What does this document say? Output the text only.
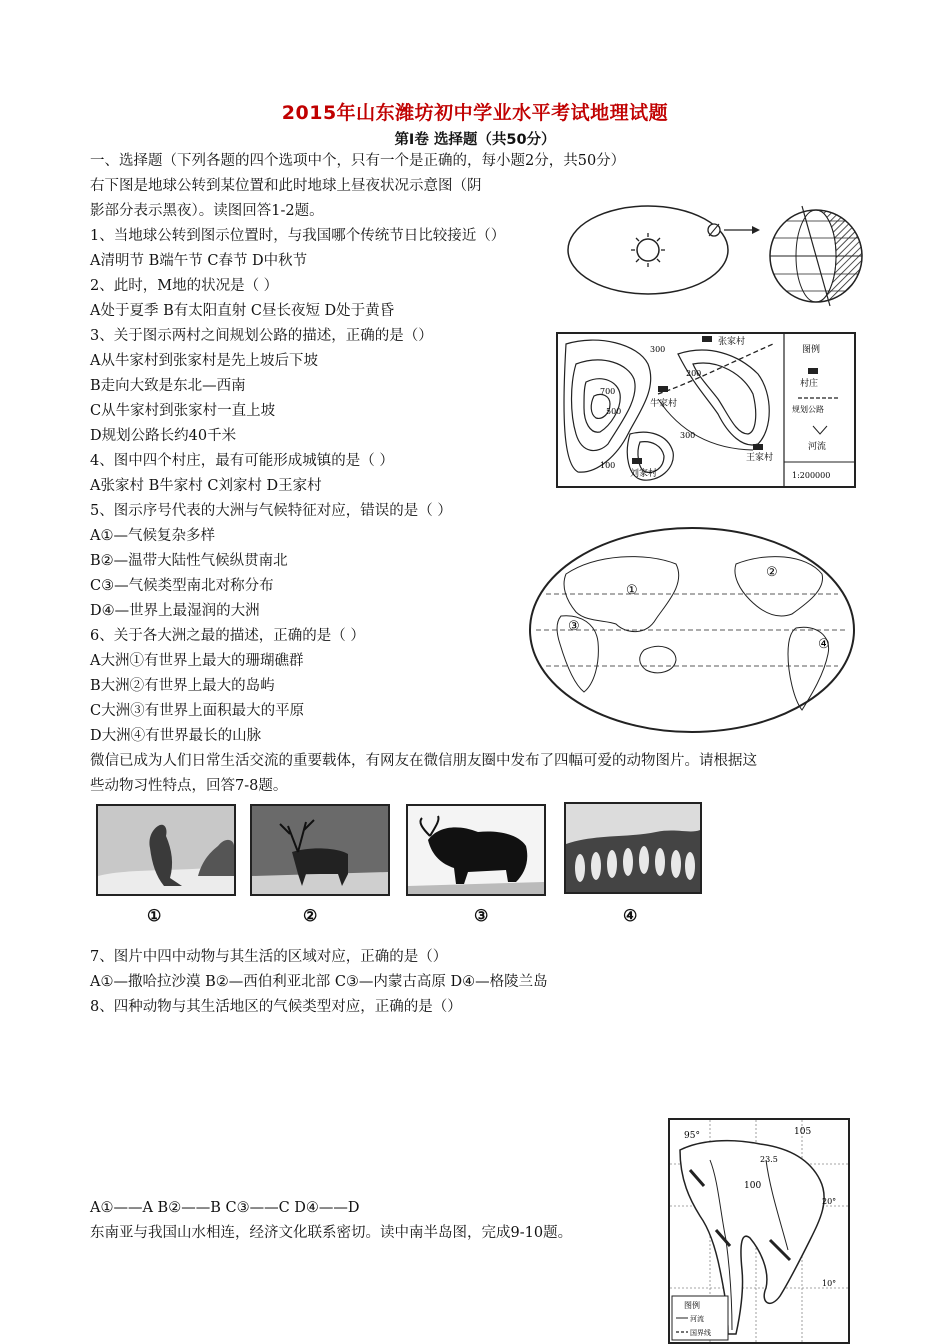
2015年山东潍坊初中学业水平考试地理试题
第Ⅰ卷 选择题（共50分）
一、选择题（下列各题的四个选项中个，只有一个是正确的，每小题2分，共50分）
右下图是地球公转到某位置和此时地球上昼夜状况示意图（阴
影部分表示黑夜）。读图回答1-2题。
1、当地球公转到图示位置时，与我国哪个传统节日比较接近（）
A清明节 B端午节 C春节 D中秋节
2、此时，M地的状况是（ ）
A处于夏季 B有太阳直射 C昼长夜短 D处于黄昏
3、关于图示两村之间规划公路的描述，正确的是（）
A从牛家村到张家村是先上坡后下坡
B走向大致是东北—西南
C从牛家村到张家村一直上坡
D规划公路长约40千米
4、图中四个村庄，最有可能形成城镇的是（ ）
A张家村 B牛家村 C刘家村 D王家村
5、图示序号代表的大洲与气候特征对应，错误的是（ ）
A①—气候复杂多样
B②—温带大陆性气候纵贯南北
C③—气候类型南北对称分布
D④—世界上最湿润的大洲
6、关于各大洲之最的描述，正确的是（ ）
A大洲①有世界上最大的珊瑚礁群
B大洲②有世界上最大的岛屿
C大洲③有世界上面积最大的平原
D大洲④有世界最长的山脉
微信已成为人们日常生活交流的重要载体，有网友在微信朋友圈中发布了四幅可爱的动物图片。请根据这
些动物习性特点，回答7-8题。
300
700
500
200
300
100
张家村
牛家村
刘家村
王家村
图例
村庄
规划公路
河流
1:200000
①
②
③
④
①	②	③	④
7、图片中四中动物与其生活的区域对应，正确的是（）
A①—撒哈拉沙漠 B②—西伯利亚北部 C③—内蒙古高原 D④—格陵兰岛
8、四种动物与其生活地区的气候类型对应，正确的是（）
A①——A B②——B C③——C D④——D
东南亚与我国山水相连，经济文化联系密切。读中南半岛图，完成9-10题。
95°
100
105
23.5
20°
10°
图例
河流
国界线
